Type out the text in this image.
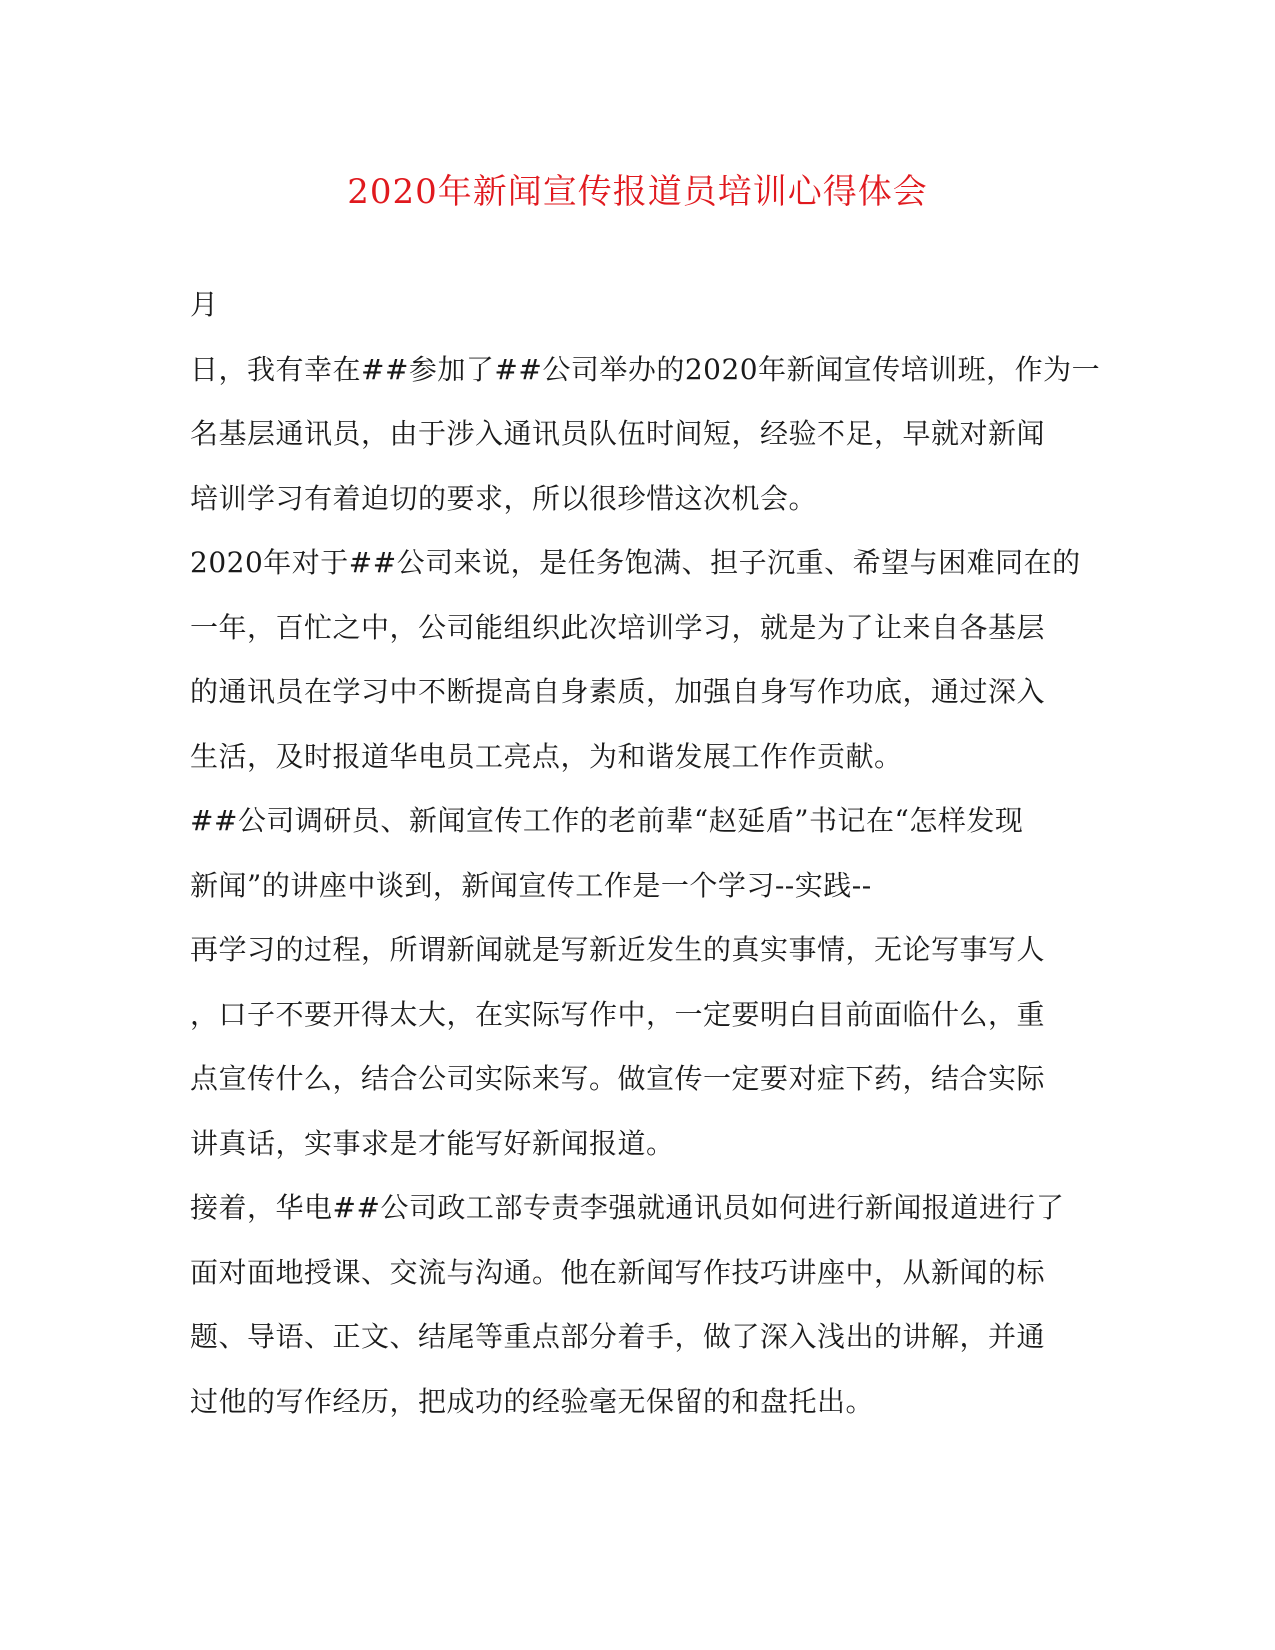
2020年新闻宣传报道员培训心得体会
月
日，我有幸在##参加了##公司举办的2020年新闻宣传培训班，作为一
名基层通讯员，由于涉入通讯员队伍时间短，经验不足，早就对新闻
培训学习有着迫切的要求，所以很珍惜这次机会。
2020年对于##公司来说，是任务饱满、担子沉重、希望与困难同在的
一年，百忙之中，公司能组织此次培训学习，就是为了让来自各基层
的通讯员在学习中不断提高自身素质，加强自身写作功底，通过深入
生活，及时报道华电员工亮点，为和谐发展工作作贡献。
##公司调研员、新闻宣传工作的老前辈“赵延盾”书记在“怎样发现
新闻”的讲座中谈到，新闻宣传工作是一个学习--实践--
再学习的过程，所谓新闻就是写新近发生的真实事情，无论写事写人
，口子不要开得太大，在实际写作中，一定要明白目前面临什么，重
点宣传什么，结合公司实际来写。做宣传一定要对症下药，结合实际
讲真话，实事求是才能写好新闻报道。
接着，华电##公司政工部专责李强就通讯员如何进行新闻报道进行了
面对面地授课、交流与沟通。他在新闻写作技巧讲座中，从新闻的标
题、导语、正文、结尾等重点部分着手，做了深入浅出的讲解，并通
过他的写作经历，把成功的经验毫无保留的和盘托出。
